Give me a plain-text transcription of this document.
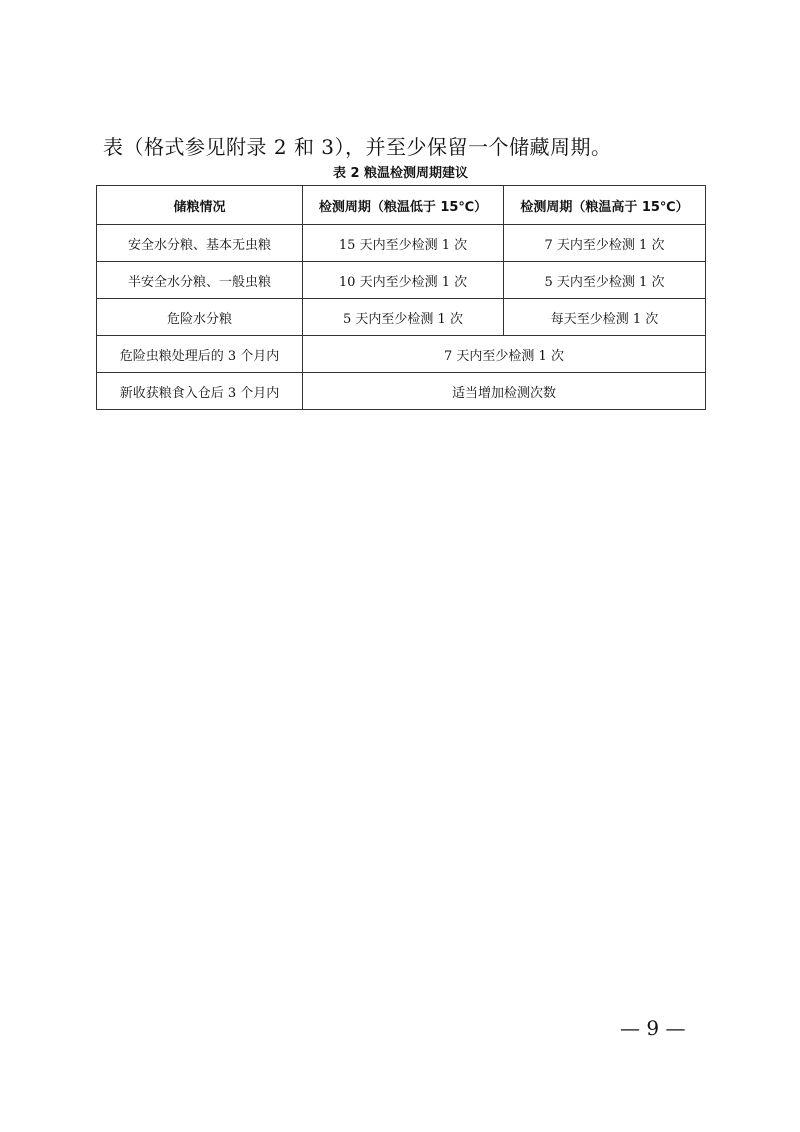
表（格式参见附录 2 和 3），并至少保留一个储藏周期。
表 2 粮温检测周期建议
储粮情况	检测周期（粮温低于 15℃）	检测周期（粮温高于 15℃）
安全水分粮、基本无虫粮	15 天内至少检测 1 次	7 天内至少检测 1 次
半安全水分粮、一般虫粮	10 天内至少检测 1 次	5 天内至少检测 1 次
危险水分粮	5 天内至少检测 1 次	每天至少检测 1 次
危险虫粮处理后的 3 个月内	7 天内至少检测 1 次	
新收获粮食入仓后 3 个月内	适当增加检测次数	
— 9 —
